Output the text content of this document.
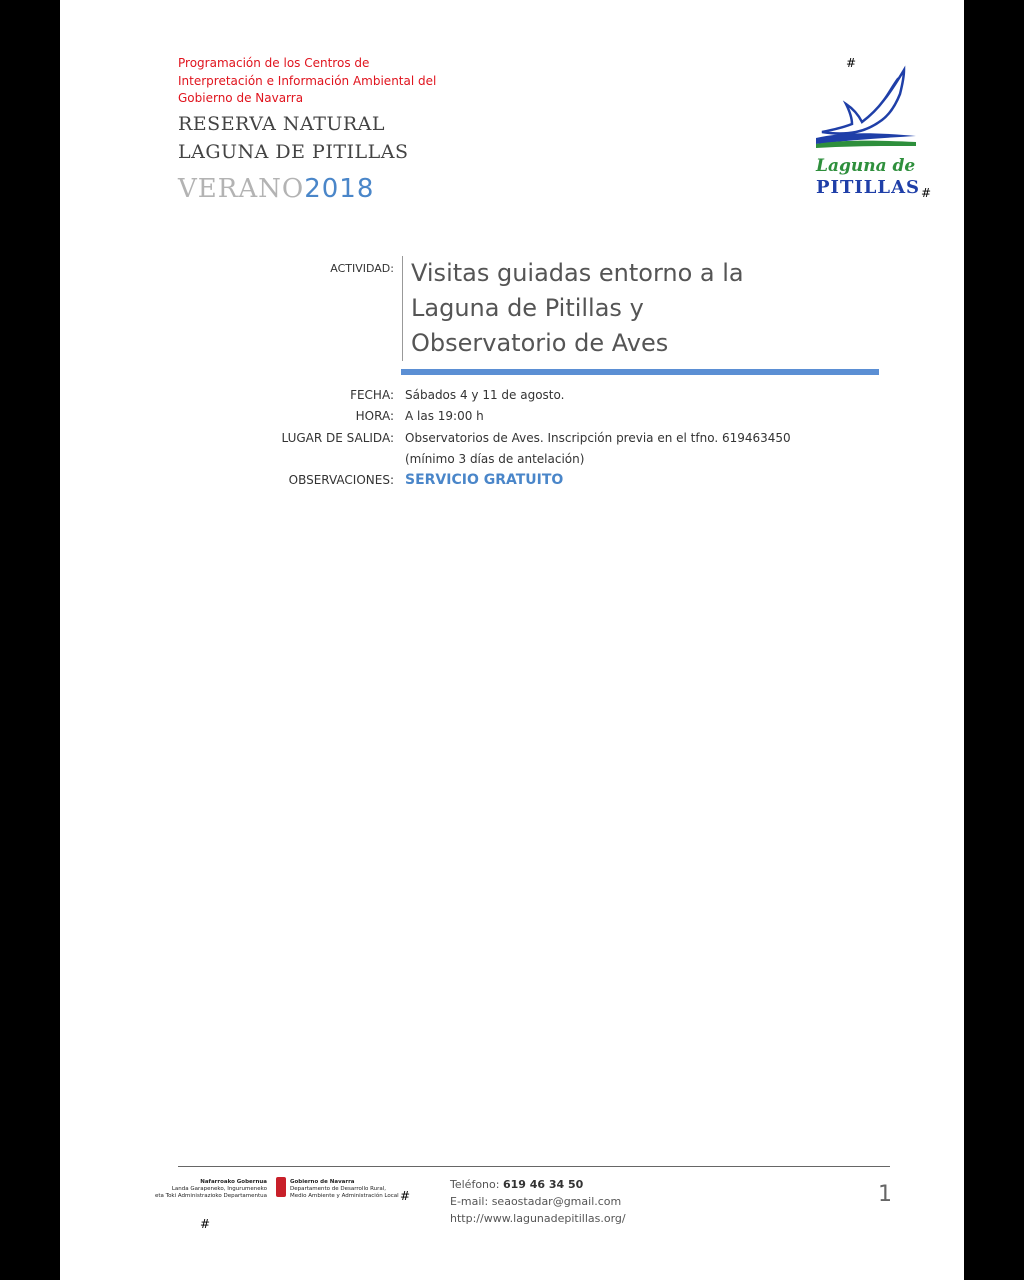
Programación de los Centros de
Interpretación e Información Ambiental del
Gobierno de Navarra
RESERVA NATURAL
LAGUNA DE PITILLAS
VERANO2018
#
Laguna de
PITILLAS #
ACTIVIDAD: Visitas guiadas entorno a la
Laguna de Pitillas y
Observatorio de Aves
FECHA: Sábados 4 y 11 de agosto.
HORA: A las 19:00 h
LUGAR DE SALIDA: Observatorios de Aves. Inscripción previa en el tfno. 619463450
(mínimo 3 días de antelación)
OBSERVACIONES: SERVICIO GRATUITO
Nafarroako Gobernua
Landa Garapeneko, Ingurumeneko
eta Toki Administrazioko Departamentua
Gobierno de Navarra
Departamento de Desarrollo Rural,
Medio Ambiente y Administración Local #
#
Teléfono: 619 46 34 50
E-mail: seaostadar@gmail.com
http://www.lagunadepitillas.org/
1
